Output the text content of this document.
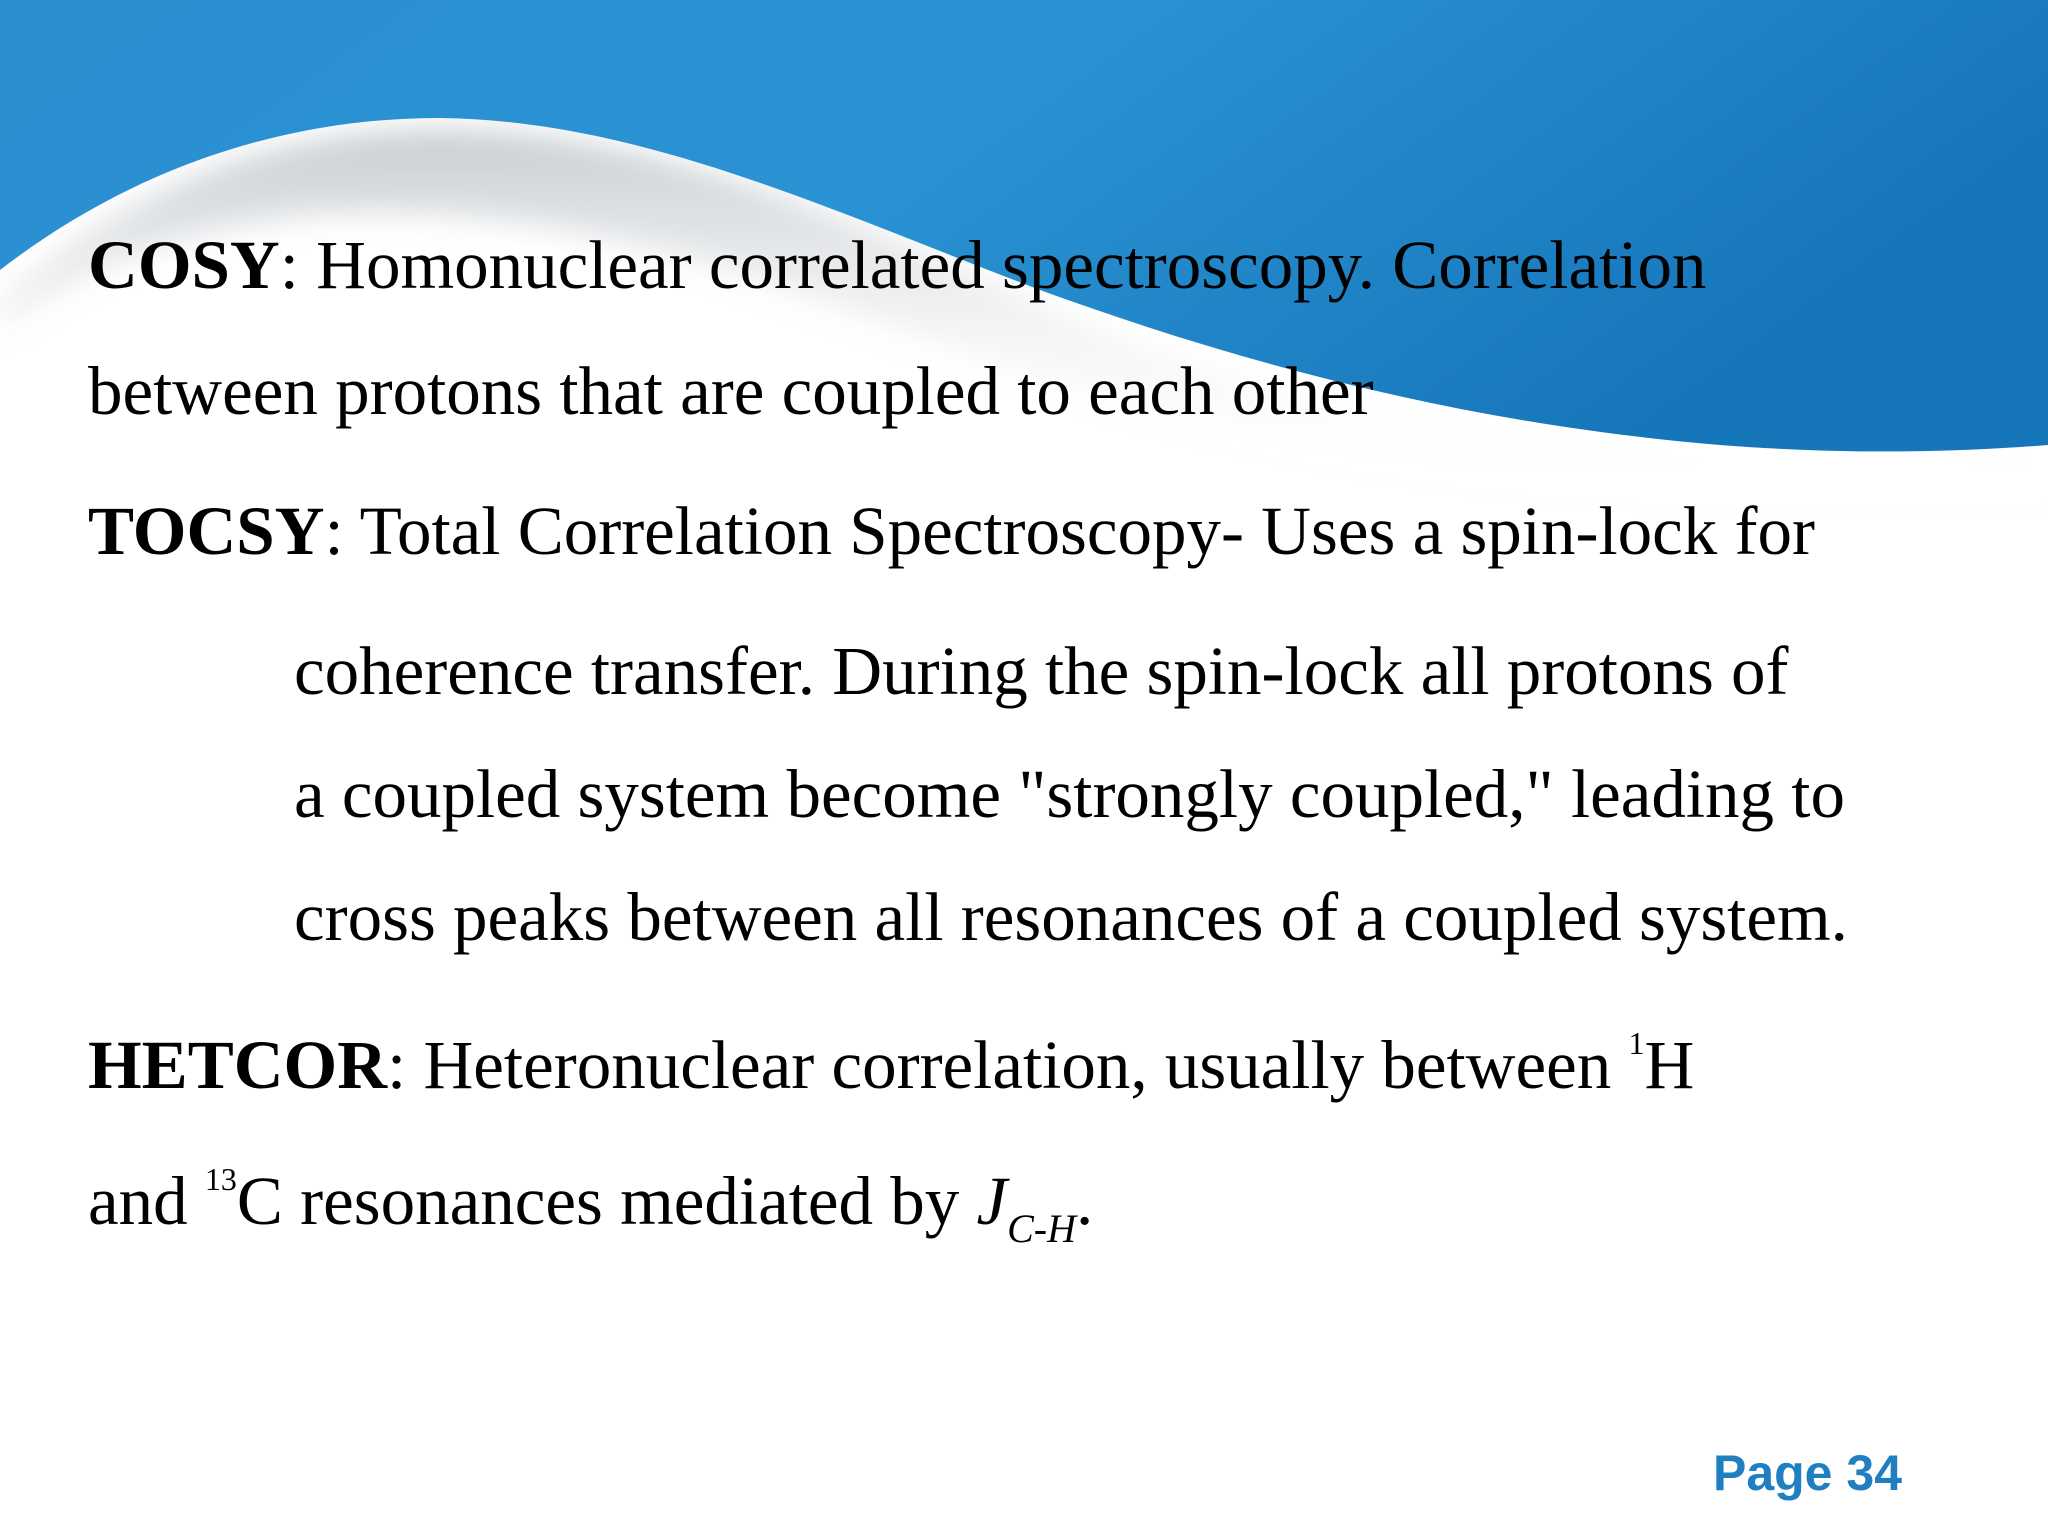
COSY: Homonuclear correlated spectroscopy. Correlation
between protons that are coupled to each other
TOCSY: Total Correlation Spectroscopy- Uses a spin-lock for
coherence transfer. During the spin-lock all protons of
a coupled system become "strongly coupled," leading to
cross peaks between all resonances of a coupled system.
HETCOR: Heteronuclear correlation, usually between $^1$H
and $^{13}$C resonances mediated by $J_{C-H}$.
Page 34
